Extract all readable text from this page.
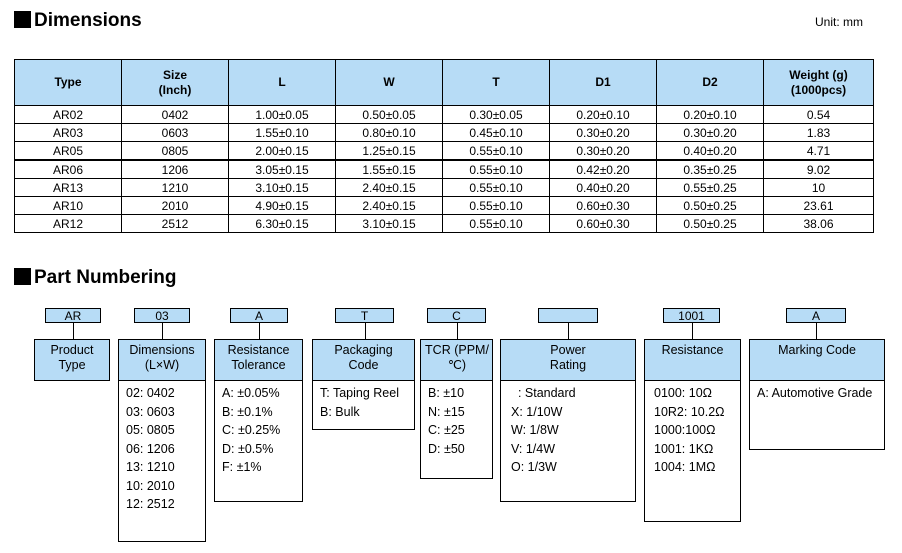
Dimensions	Unit: mm
Type	Size (Inch)	L	W	T	D1	D2	Weight (g) (1000pcs)
AR02	0402	1.00±0.05	0.50±0.05	0.30±0.05	0.20±0.10	0.20±0.10	0.54
AR03	0603	1.55±0.10	0.80±0.10	0.45±0.10	0.30±0.20	0.30±0.20	1.83
AR05	0805	2.00±0.15	1.25±0.15	0.55±0.10	0.30±0.20	0.40±0.20	4.71
AR06	1206	3.05±0.15	1.55±0.15	0.55±0.10	0.42±0.20	0.35±0.25	9.02
AR13	1210	3.10±0.15	2.40±0.15	0.55±0.10	0.40±0.20	0.55±0.25	10
AR10	2010	4.90±0.15	2.40±0.15	0.55±0.10	0.60±0.30	0.50±0.25	23.61
AR12	2512	6.30±0.15	3.10±0.15	0.55±0.10	0.60±0.30	0.50±0.25	38.06
Part Numbering
AR
Product Type
03
Dimensions (L×W)
02: 0402
03: 0603
05: 0805
06: 1206
13: 1210
10: 2010
12: 2512
A
Resistance Tolerance
A: ±0.05%
B: ±0.1%
C: ±0.25%
D: ±0.5%
F: ±1%
T
Packaging Code
T: Taping Reel
B: Bulk
C
TCR (PPM/℃)
B: ±10
N: ±15
C: ±25
D: ±50
Power Rating
: Standard
X: 1/10W
W: 1/8W
V: 1/4W
O: 1/3W
1001
Resistance
0100: 10Ω
10R2: 10.2Ω
1000:100Ω
1001: 1KΩ
1004: 1MΩ
A
Marking Code
A: Automotive Grade
